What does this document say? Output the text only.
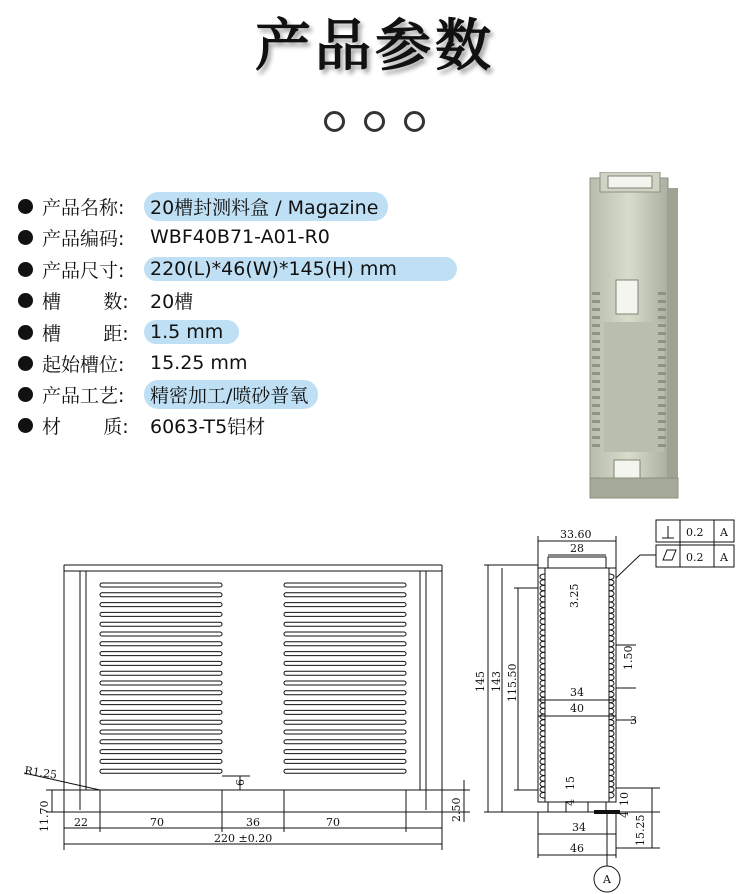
产品参数
产品名称:	20槽封测料盒 / Magazine
产品编码:	WBF40B71-A01-R0
产品尺寸:	220(L)*46(W)*145(H) mm
槽       数:	20槽
槽       距:	1.5 mm
起始槽位:	15.25 mm
产品工艺:	精密加工/喷砂普氧
材       质:	6063-T5铝材
R1.25
11.70 22	70	36	70
220 ±0.20
6
2.50
33.60
28
145 143 115.50
3.25
1.50
34
40
3
15
4	10
4
34
46
15.25
A
0.2 A
0.2 A
